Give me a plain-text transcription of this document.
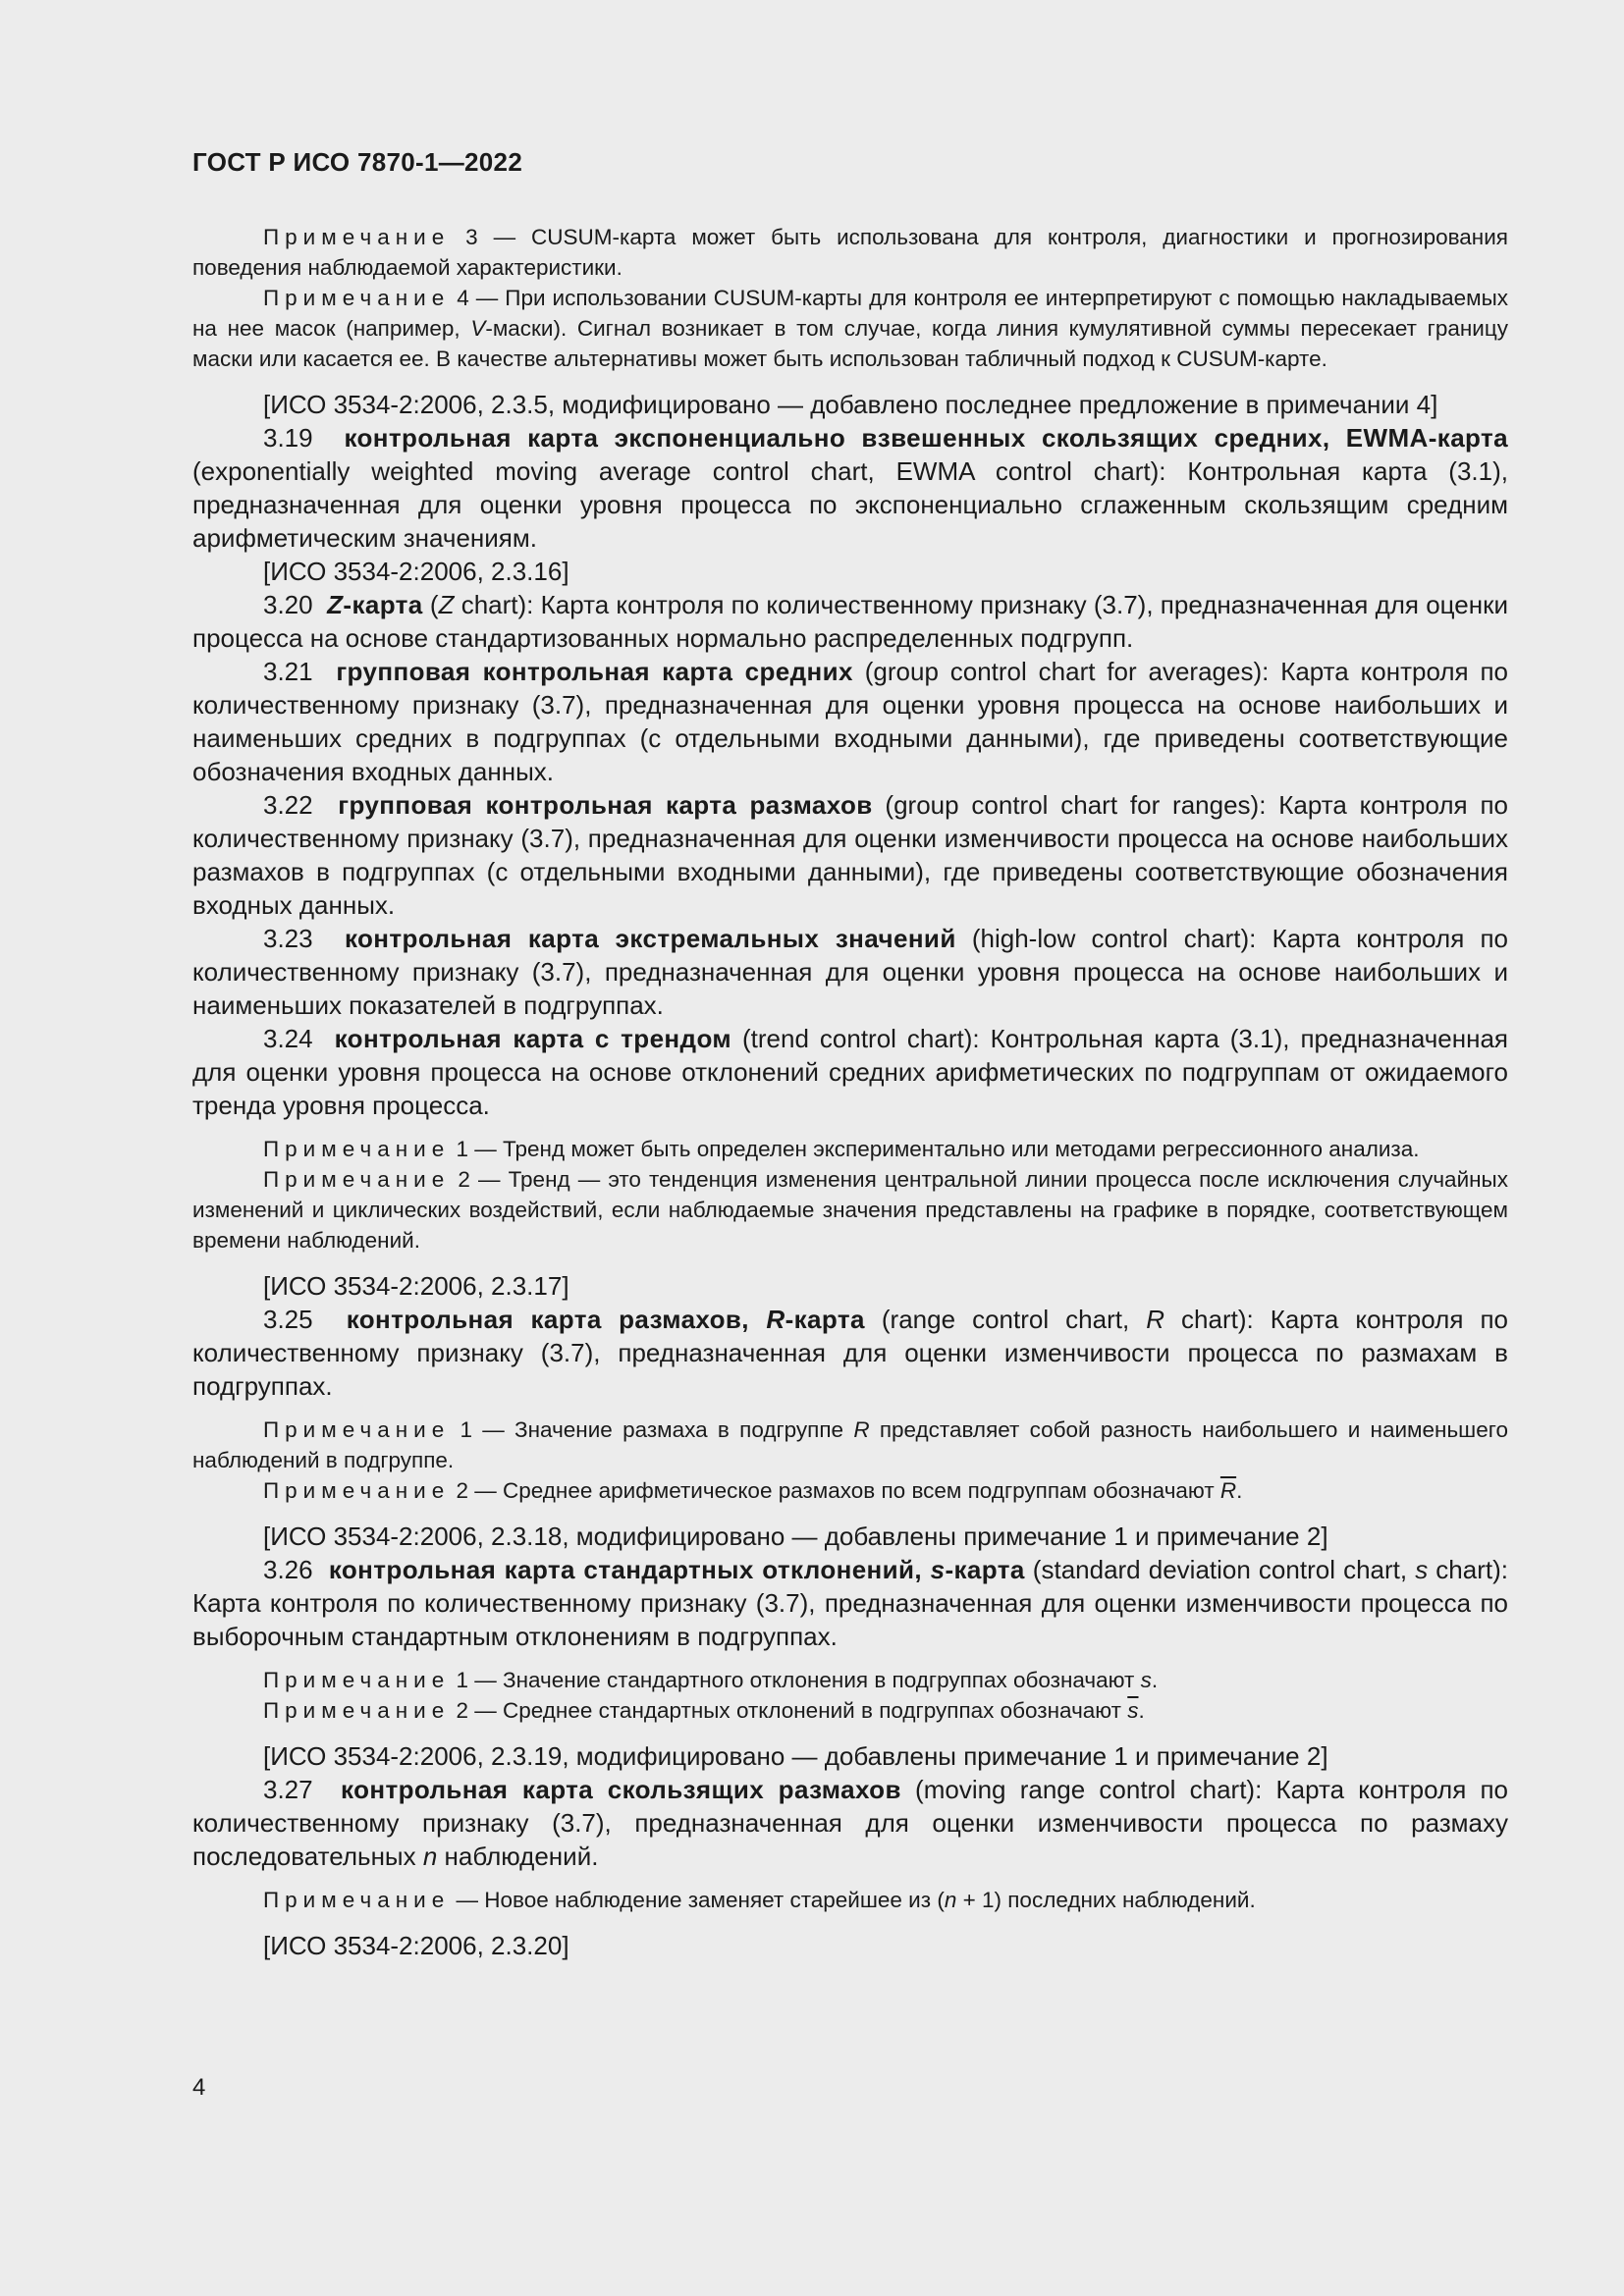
ГОСТ Р ИСО 7870-1—2022

Примечание 3 — CUSUM-карта может быть использована для контроля, диагностики и прогнозирования поведения наблюдаемой характеристики.

Примечание 4 — При использовании CUSUM-карты для контроля ее интерпретируют с помощью накладываемых на нее масок (например, V-маски). Сигнал возникает в том случае, когда линия кумулятивной суммы пересекает границу маски или касается ее. В качестве альтернативы может быть использован табличный подход к CUSUM-карте.

[ИСО 3534-2:2006, 2.3.5, модифицировано — добавлено последнее предложение в примечании 4]

3.19 контрольная карта экспоненциально взвешенных скользящих средних, EWMA-карта (exponentially weighted moving average control chart, EWMA control chart): Контрольная карта (3.1), предназначенная для оценки уровня процесса по экспоненциально сглаженным скользящим средним арифметическим значениям.

[ИСО 3534-2:2006, 2.3.16]

3.20 Z-карта (Z chart): Карта контроля по количественному признаку (3.7), предназначенная для оценки процесса на основе стандартизованных нормально распределенных подгрупп.

3.21 групповая контрольная карта средних (group control chart for averages): Карта контроля по количественному признаку (3.7), предназначенная для оценки уровня процесса на основе наибольших и наименьших средних в подгруппах (с отдельными входными данными), где приведены соответствующие обозначения входных данных.

3.22 групповая контрольная карта размахов (group control chart for ranges): Карта контроля по количественному признаку (3.7), предназначенная для оценки изменчивости процесса на основе наибольших размахов в подгруппах (с отдельными входными данными), где приведены соответствующие обозначения входных данных.

3.23 контрольная карта экстремальных значений (high-low control chart): Карта контроля по количественному признаку (3.7), предназначенная для оценки уровня процесса на основе наибольших и наименьших показателей в подгруппах.

3.24 контрольная карта с трендом (trend control chart): Контрольная карта (3.1), предназначенная для оценки уровня процесса на основе отклонений средних арифметических по подгруппам от ожидаемого тренда уровня процесса.

Примечание 1 — Тренд может быть определен экспериментально или методами регрессионного анализа.

Примечание 2 — Тренд — это тенденция изменения центральной линии процесса после исключения случайных изменений и циклических воздействий, если наблюдаемые значения представлены на графике в порядке, соответствующем времени наблюдений.

[ИСО 3534-2:2006, 2.3.17]

3.25 контрольная карта размахов, R-карта (range control chart, R chart): Карта контроля по количественному признаку (3.7), предназначенная для оценки изменчивости процесса по размахам в подгруппах.

Примечание 1 — Значение размаха в подгруппе R представляет собой разность наибольшего и наименьшего наблюдений в подгруппе.

Примечание 2 — Среднее арифметическое размахов по всем подгруппам обозначают $\overline{R}$.

[ИСО 3534-2:2006, 2.3.18, модифицировано — добавлены примечание 1 и примечание 2]

3.26 контрольная карта стандартных отклонений, s-карта (standard deviation control chart, s chart): Карта контроля по количественному признаку (3.7), предназначенная для оценки изменчивости процесса по выборочным стандартным отклонениям в подгруппах.

Примечание 1 — Значение стандартного отклонения в подгруппах обозначают s.

Примечание 2 — Среднее стандартных отклонений в подгруппах обозначают $\overline{s}$.

[ИСО 3534-2:2006, 2.3.19, модифицировано — добавлены примечание 1 и примечание 2]

3.27 контрольная карта скользящих размахов (moving range control chart): Карта контроля по количественному признаку (3.7), предназначенная для оценки изменчивости процесса по размаху последовательных n наблюдений.

Примечание — Новое наблюдение заменяет старейшее из (n + 1) последних наблюдений.

[ИСО 3534-2:2006, 2.3.20]

4
